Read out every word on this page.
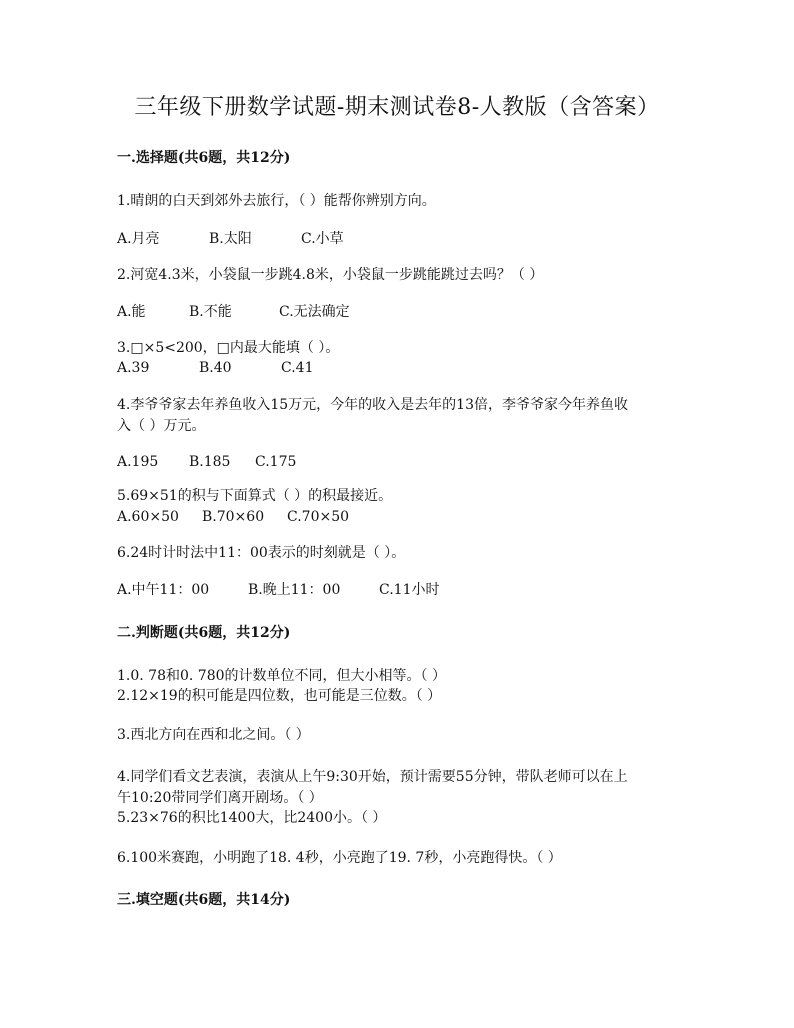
三年级下册数学试题-期末测试卷8-人教版（含答案）
一.选择题(共6题，共12分)
1.晴朗的白天到郊外去旅行，（ ）能帮你辨别方向。
A.月亮	B.太阳	C.小草
2.河宽4.3米，小袋鼠一步跳4.8米，小袋鼠一步跳能跳过去吗？（ ）
A.能	B.不能	C.无法确定
3.□×5<200，□内最大能填（ ）。
A.39	B.40	C.41
4.李爷爷家去年养鱼收入15万元，今年的收入是去年的13倍，李爷爷家今年养鱼收
入（ ）万元。
A.195 B.185 C.175
5.69×51的积与下面算式（ ）的积最接近。
A.60×50 B.70×60 C.70×50
6.24时计时法中11：00表示的时刻就是（ ）。
A.中午11：00	B.晚上11：00	C.11小时
二.判断题(共6题，共12分)
1.0. 78和0. 780的计数单位不同，但大小相等。（ ）
2.12×19的积可能是四位数，也可能是三位数。（ ）
3.西北方向在西和北之间。（ ）
4.同学们看文艺表演，表演从上午9:30开始，预计需要55分钟，带队老师可以在上
午10:20带同学们离开剧场。（ ）
5.23×76的积比1400大，比2400小。（ ）
6.100米赛跑，小明跑了18. 4秒，小亮跑了19. 7秒，小亮跑得快。（ ）
三.填空题(共6题，共14分)
